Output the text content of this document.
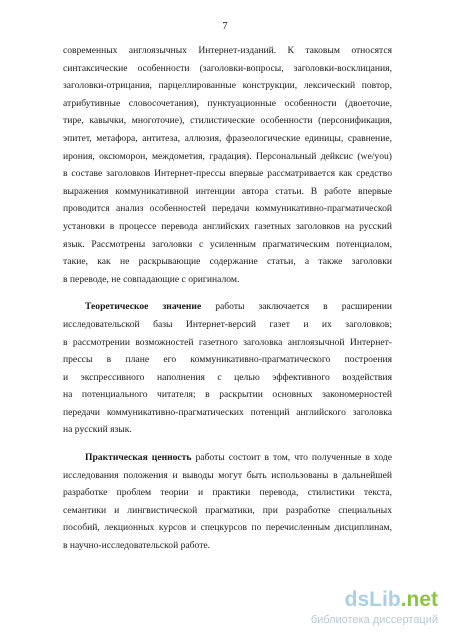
7

современных англоязычных Интернет-изданий. К таковым относятся
синтаксические особенности (заголовки-вопросы, заголовки-восклицания,
заголовки-отрицания, парцеллированные конструкции, лексический повтор,
атрибутивные словосочетания), пунктуационные особенности (двоеточие,
тире, кавычки, многоточие), стилистические особенности (персонификация,
эпитет, метафора, антитеза, аллюзия, фразеологические единицы, сравнение,
ирония, оксюморон, междометия, градация). Персональный дейксис (we/you)
в составе заголовков Интернет-прессы впервые рассматривается как средство
выражения коммуникативной интенции автора статьи. В работе впервые
проводится анализ особенностей передачи коммуникативно-прагматической
установки в процессе перевода английских газетных заголовков на русский
язык. Рассмотрены заголовки с усиленным прагматическим потенциалом,
такие, как не раскрывающие содержание статьи, а также заголовки
в переводе, не совпадающие с оригиналом.

Теоретическое значение работы заключается в расширении
исследовательской базы Интернет-версий газет и их заголовков;
в рассмотрении возможностей газетного заголовка англоязычной Интернет-
прессы в плане его коммуникативно-прагматического построения
и экспрессивного наполнения с целью эффективного воздействия
на потенциального читателя; в раскрытии основных закономерностей
передачи коммуникативно-прагматических потенций английского заголовка
на русский язык.

Практическая ценность работы состоит в том, что полученные в ходе
исследования положения и выводы могут быть использованы в дальнейшей
разработке проблем теории и практики перевода, стилистики текста,
семантики и лингвистической прагматики, при разработке специальных
пособий, лекционных курсов и спецкурсов по перечисленным дисциплинам,
в научно-исследовательской работе.

dsLib.net
библиотека диссертаций
